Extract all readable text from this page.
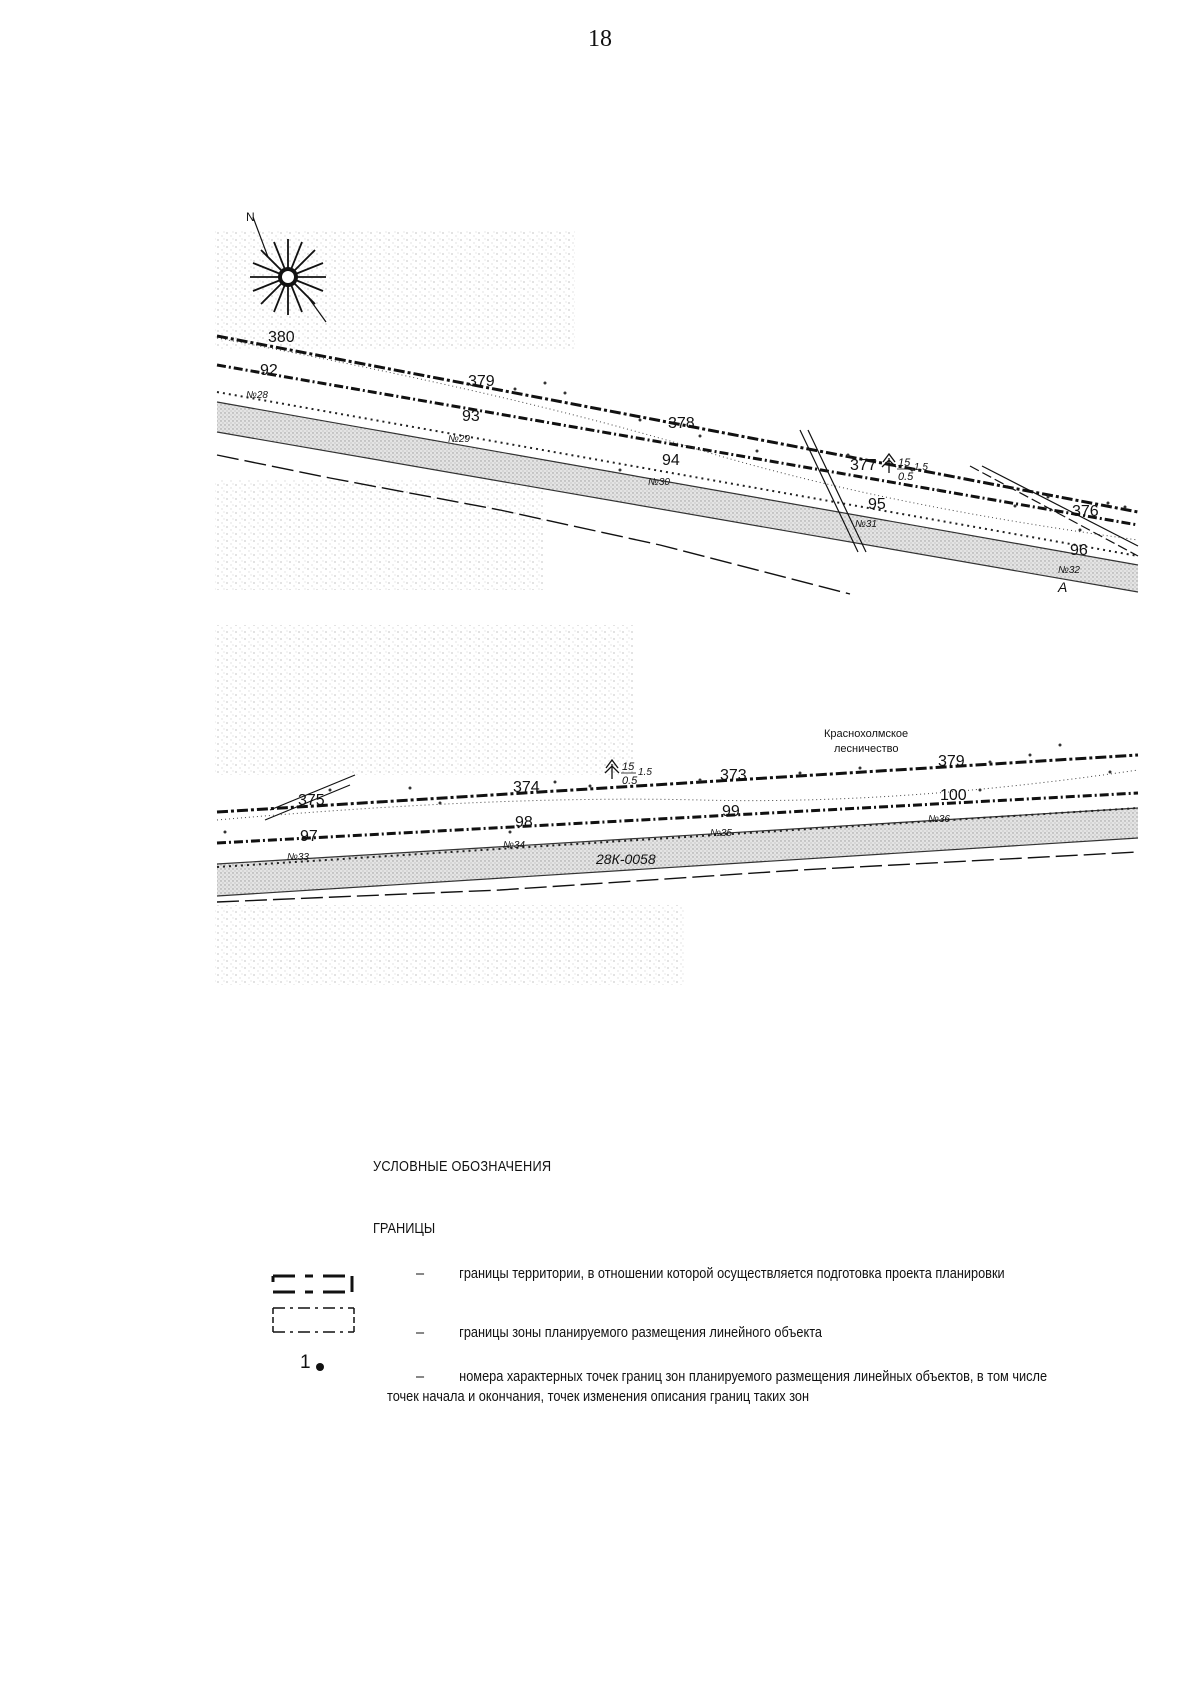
18
N
380
379
378
377
376
92
93
94
95
96
№28
№29
№30
№31
№32
А
15
0.5
1.5
375
374
373
379
97
98
99
100
№33
№34
№35
№36
28К-0058
Краснохолмское
лесничество
15
0.5
1.5
УСЛОВНЫЕ ОБОЗНАЧЕНИЯ
ГРАНИЦЫ
–	границы территории, в отношении которой осуществляется подготовка проекта планировки
–	границы зоны планируемого размещения линейного объекта
1
–	номера характерных точек границ зон планируемого размещения линейных объектов, в том числе точек начала и окончания, точек изменения описания границ таких зон
